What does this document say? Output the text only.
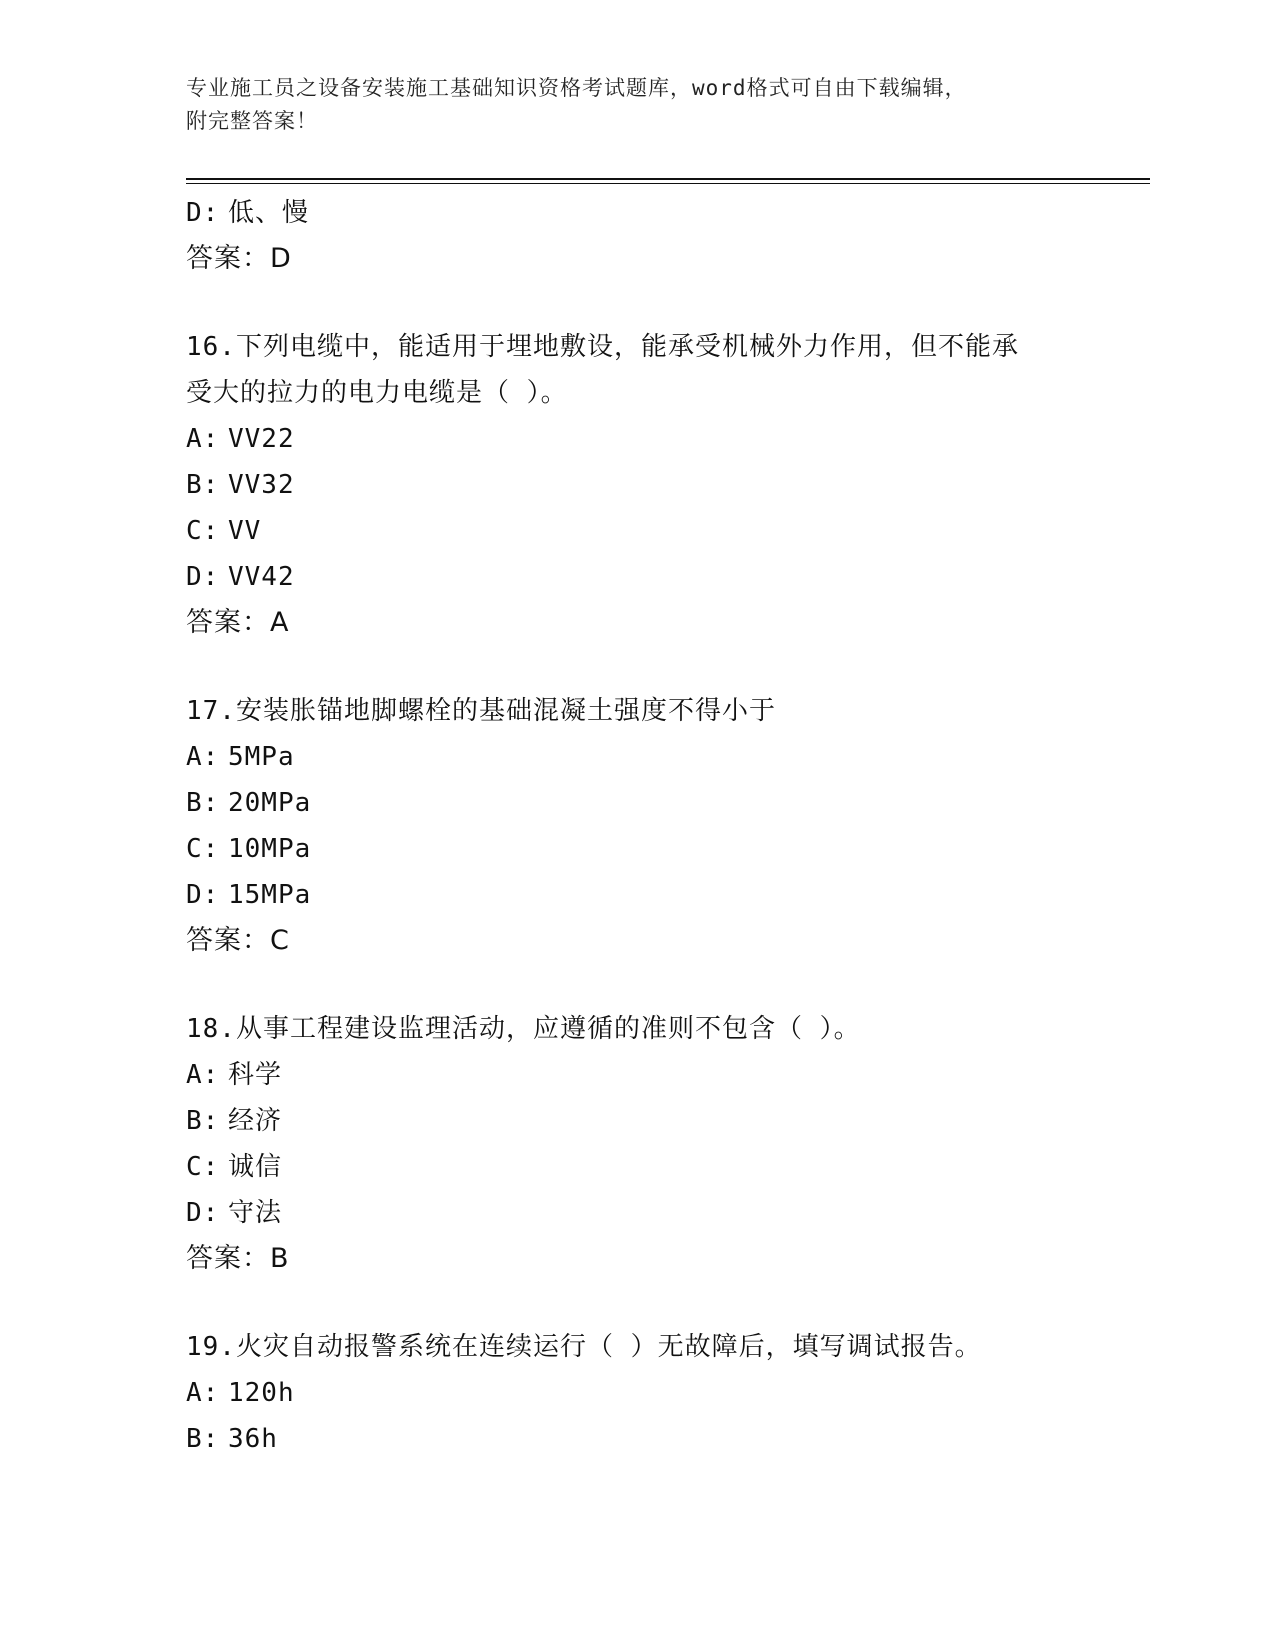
专业施工员之设备安装施工基础知识资格考试题库，word格式可自由下载编辑，
附完整答案！
D: 低、慢
答案：D
16.下列电缆中，能适用于埋地敷设，能承受机械外力作用，但不能承
受大的拉力的电力电缆是（ ）。
A: VV22
B: VV32
C: VV
D: VV42
答案：A
17.安装胀锚地脚螺栓的基础混凝土强度不得小于
A: 5MPa
B: 20MPa
C: 10MPa
D: 15MPa
答案：C
18.从事工程建设监理活动，应遵循的准则不包含（ ）。
A: 科学
B: 经济
C: 诚信
D: 守法
答案：B
19.火灾自动报警系统在连续运行（ ）无故障后，填写调试报告。
A: 120h
B: 36h
